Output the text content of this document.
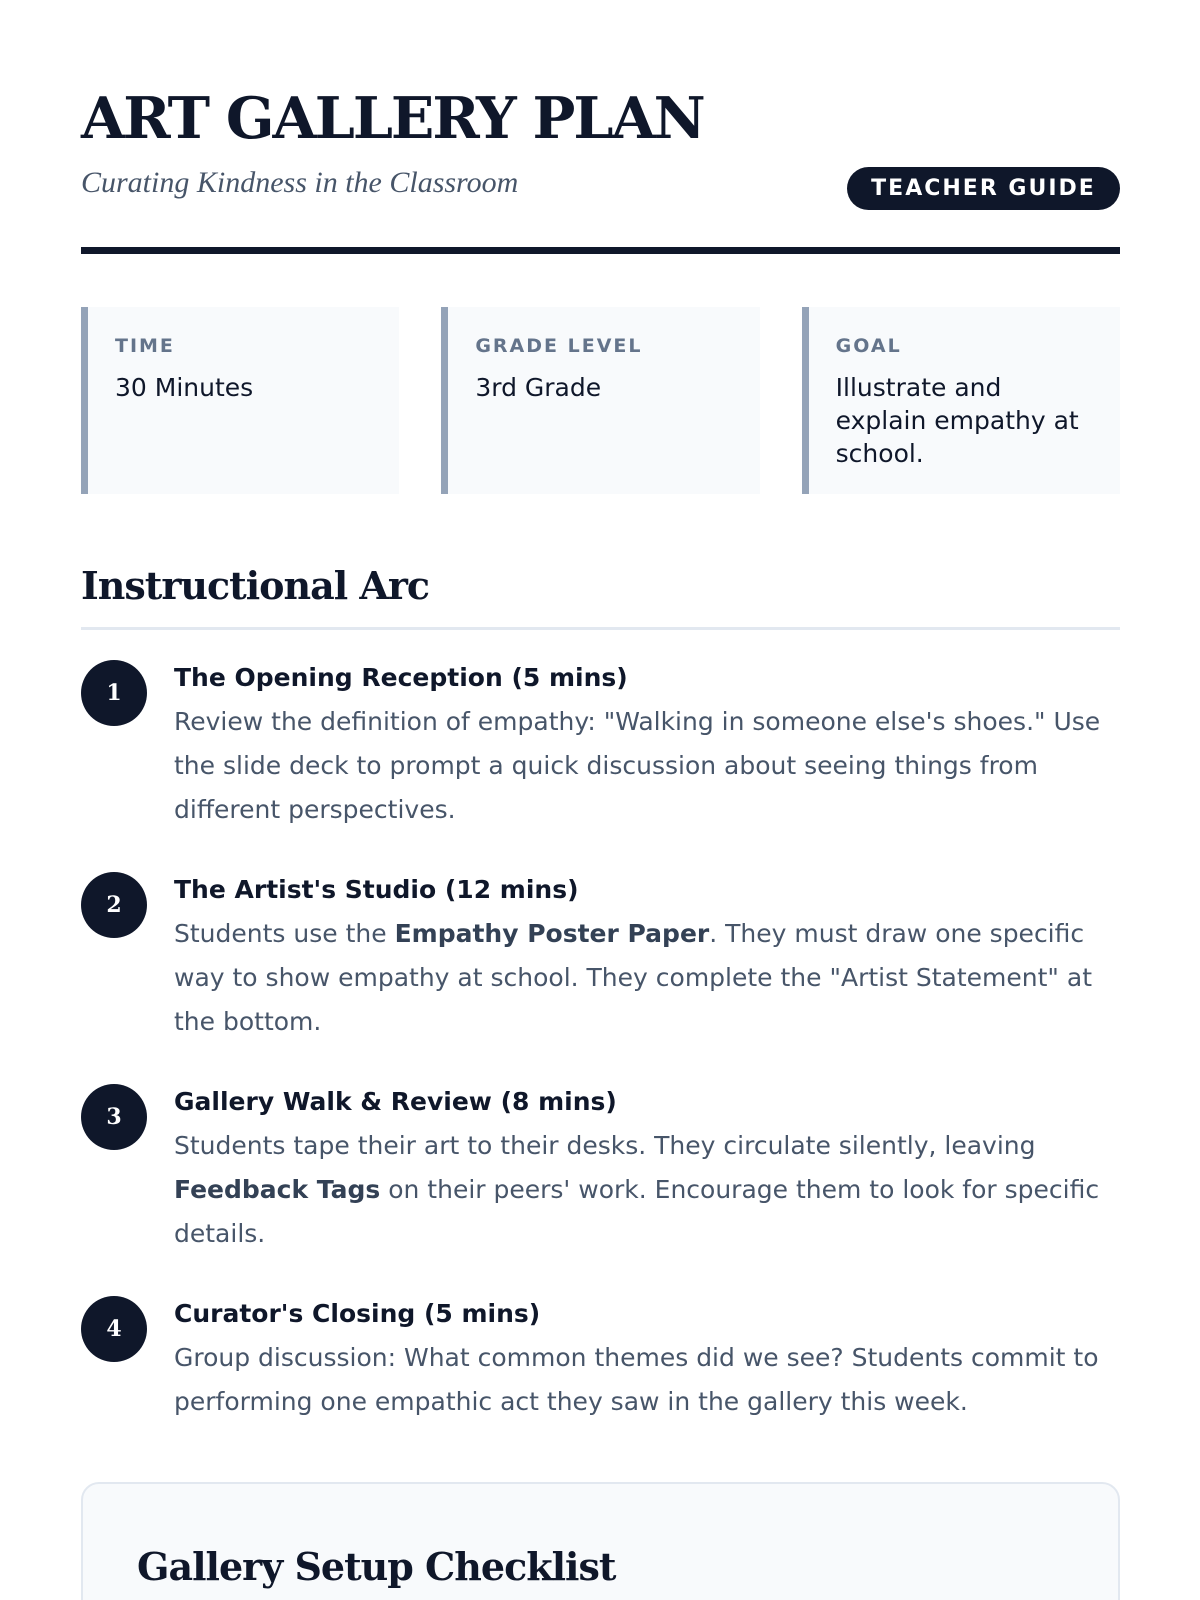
ART GALLERY PLAN
Curating Kindness in the Classroom	TEACHER GUIDE
TIME
30 Minutes
GRADE LEVEL
3rd Grade
GOAL
Illustrate and explain empathy at school.
Instructional Arc
1
The Opening Reception (5 mins)

Review the definition of empathy: "Walking in someone else's shoes." Use the slide deck to prompt a quick discussion about seeing things from different perspectives.

2
The Artist's Studio (12 mins)

Students use the Empathy Poster Paper. They must draw one specific way to show empathy at school. They complete the "Artist Statement" at the bottom.

3
Gallery Walk & Review (8 mins)

Students tape their art to their desks. They circulate silently, leaving Feedback Tags on their peers' work. Encourage them to look for specific details.

4
Curator's Closing (5 mins)

Group discussion: What common themes did we see? Students commit to performing one empathic act they saw in the gallery this week.

Gallery Setup Checklist
